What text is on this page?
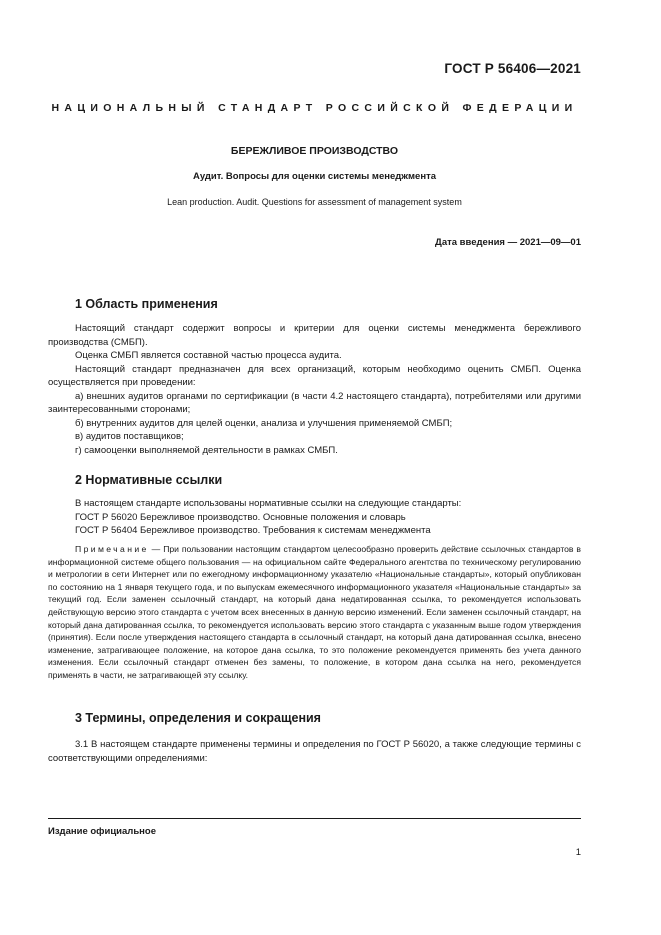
ГОСТ Р 56406—2021
НАЦИОНАЛЬНЫЙ СТАНДАРТ РОССИЙСКОЙ ФЕДЕРАЦИИ
БЕРЕЖЛИВОЕ ПРОИЗВОДСТВО
Аудит. Вопросы для оценки системы менеджмента
Lean production. Audit. Questions for assessment of management system
Дата введения — 2021—09—01
1 Область применения

Настоящий стандарт содержит вопросы и критерии для оценки системы менеджмента бережливого производства (СМБП).

Оценка СМБП является составной частью процесса аудита.

Настоящий стандарт предназначен для всех организаций, которым необходимо оценить СМБП. Оценка осуществляется при проведении:

а) внешних аудитов органами по сертификации (в части 4.2 настоящего стандарта), потребителями или другими заинтересованными сторонами;

б) внутренних аудитов для целей оценки, анализа и улучшения применяемой СМБП;

в) аудитов поставщиков;

г) самооценки выполняемой деятельности в рамках СМБП.

2 Нормативные ссылки

В настоящем стандарте использованы нормативные ссылки на следующие стандарты:

ГОСТ Р 56020 Бережливое производство. Основные положения и словарь

ГОСТ Р 56404 Бережливое производство. Требования к системам менеджмента

Примечание — При пользовании настоящим стандартом целесообразно проверить действие ссылочных стандартов в информационной системе общего пользования — на официальном сайте Федерального агентства по техническому регулированию и метрологии в сети Интернет или по ежегодному информационному указателю «Национальные стандарты», который опубликован по состоянию на 1 января текущего года, и по выпускам ежемесячного информационного указателя «Национальные стандарты» за текущий год. Если заменен ссылочный стандарт, на который дана недатированная ссылка, то рекомендуется использовать действующую версию этого стандарта с учетом всех внесенных в данную версию изменений. Если заменен ссылочный стандарт, на который дана датированная ссылка, то рекомендуется использовать версию этого стандарта с указанным выше годом утверждения (принятия). Если после утверждения настоящего стандарта в ссылочный стандарт, на который дана датированная ссылка, внесено изменение, затрагивающее положение, на которое дана ссылка, то это положение рекомендуется применять без учета данного изменения. Если ссылочный стандарт отменен без замены, то положение, в котором дана ссылка на него, рекомендуется применять в части, не затрагивающей эту ссылку.

3 Термины, определения и сокращения

3.1 В настоящем стандарте применены термины и определения по ГОСТ Р 56020, а также следующие термины с соответствующими определениями:

Издание официальное
1
